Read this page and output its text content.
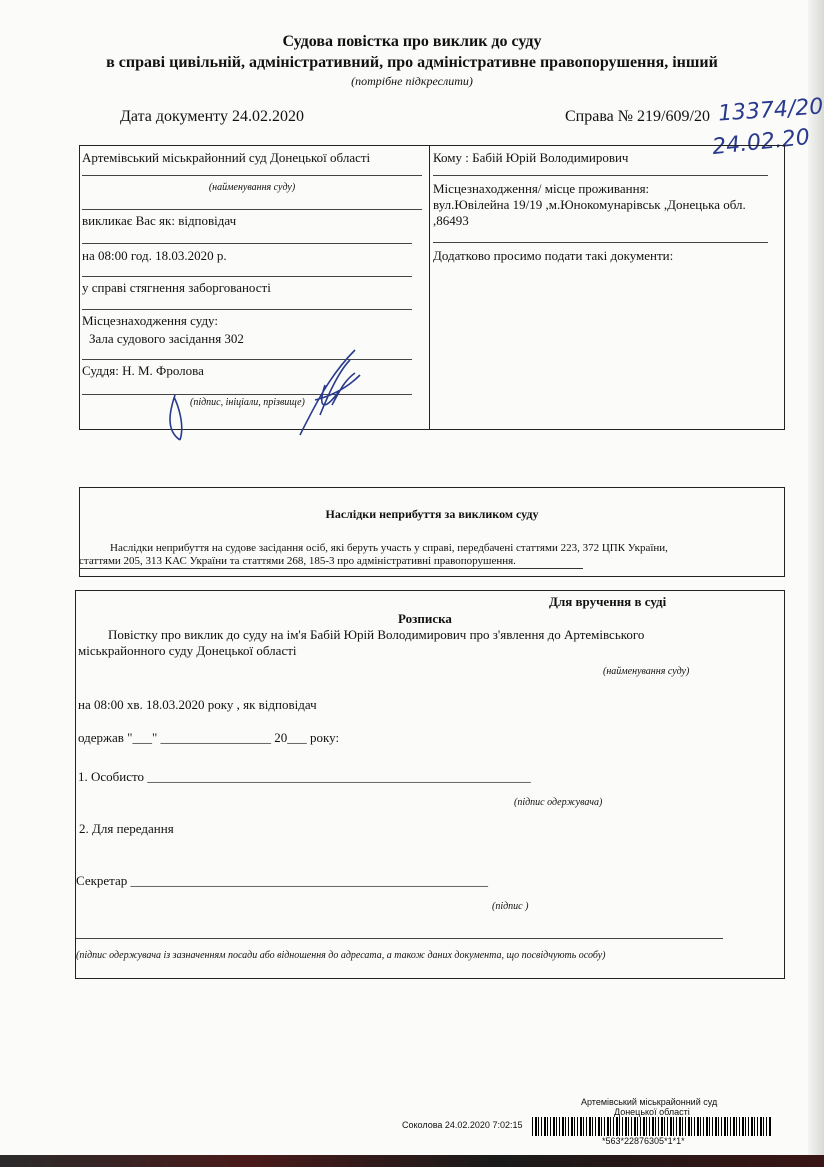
Судова повістка про виклик до суду
в справі цивільній, адміністративний, про адміністративне правопорушення, інший
(потрібне підкреслити)
Дата документу 24.02.2020	Справа № 219/609/20 13374/20
24.02.20
Артемівський міськрайонний суд Донецької області
(найменування суду)
викликає Вас як: відповідач
на 08:00 год. 18.03.2020 р.
у справі стягнення заборгованості
Місцезнаходження суду:
Зала судового засідання 302
Суддя: Н. М. Фролова
(підпис, ініціали, прізвище)
Кому : Бабій Юрій Володимирович
Місцезнаходження/ місце проживання:
вул.Ювілейна 19/19 ,м.Юнокомунарівськ ,Донецька обл.
,86493
Додатково просимо подати такі документи:
Наслідки неприбуття за викликом суду
Наслідки неприбуття на судове засідання осіб, які беруть участь у справі, передбачені статтями 223, 372 ЦПК України,
статтями 205, 313 КАС України та статтями 268, 185-3 про адміністративні правопорушення.
Для вручення в суді
Розписка
Повістку про виклик до суду на ім'я Бабій Юрій Володимирович про з'явлення до Артемівського
міськрайонного суду Донецької області
(найменування суду)
на 08:00 хв. 18.03.2020 року , як відповідач
одержав "___" _________________ 20___ року:
1. Особисто ___________________________________________________________
(підпис одержувача)
2. Для передання
Секретар _______________________________________________________
(підпис )
(підпис одержувача із зазначенням посади або відношення до адресата, а також даних документа, що посвідчують особу)
Артемівський міськрайонний суд
Донецької області
Соколова 24.02.2020 7:02:15
*563*22876305*1*1*
